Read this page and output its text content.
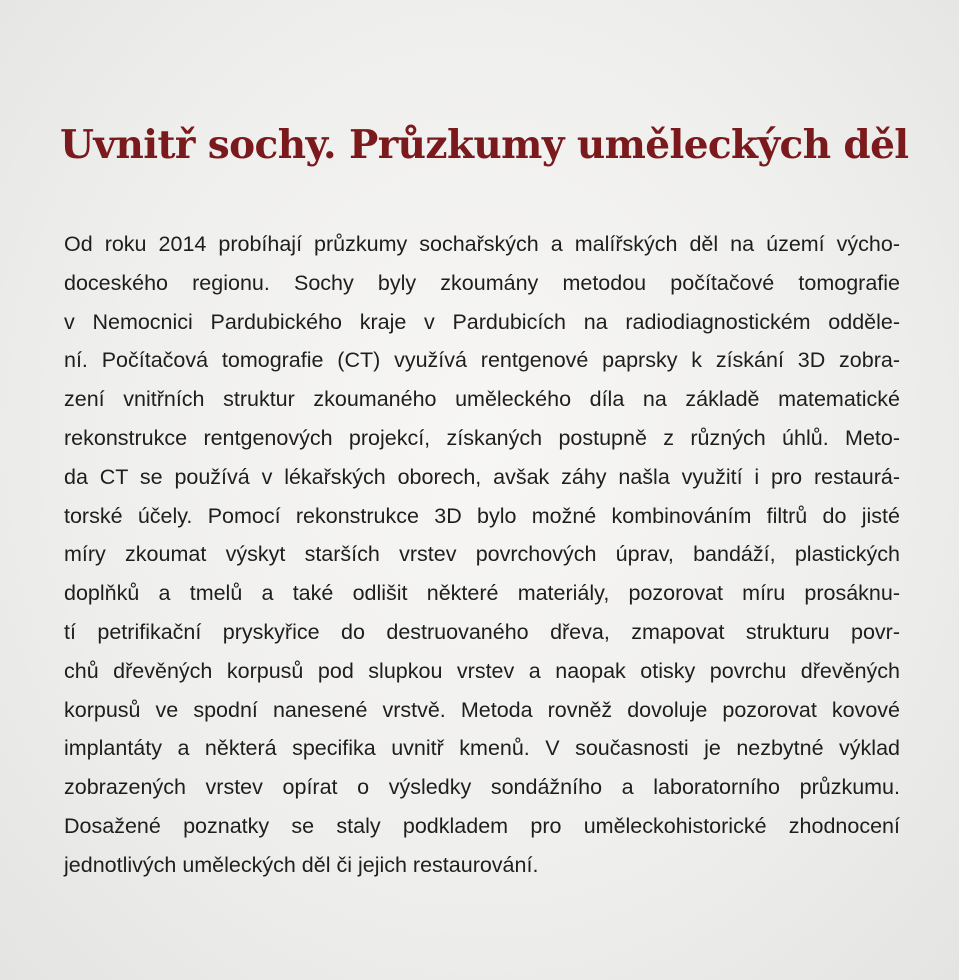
Uvnitř sochy. Průzkumy uměleckých děl
Od roku 2014 probíhají průzkumy sochařských a malířských děl na území výcho-
doceského regionu. Sochy byly zkoumány metodou počítačové tomografie
v Nemocnici Pardubického kraje v Pardubicích na radiodiagnostickém odděle-
ní. Počítačová tomografie (CT) využívá rentgenové paprsky k získání 3D zobra-
zení vnitřních struktur zkoumaného uměleckého díla na základě matematické
rekonstrukce rentgenových projekcí, získaných postupně z různých úhlů. Meto-
da CT se používá v lékařských oborech, avšak záhy našla využití i pro restaurá-
torské účely. Pomocí rekonstrukce 3D bylo možné kombinováním filtrů do jisté
míry zkoumat výskyt starších vrstev povrchových úprav, bandáží, plastických
doplňků a tmelů a také odlišit některé materiály, pozorovat míru prosáknu-
tí petrifikační pryskyřice do destruovaného dřeva, zmapovat strukturu povr-
chů dřevěných korpusů pod slupkou vrstev a naopak otisky povrchu dřevěných
korpusů ve spodní nanesené vrstvě. Metoda rovněž dovoluje pozorovat kovové
implantáty a některá specifika uvnitř kmenů. V současnosti je nezbytné výklad
zobrazených vrstev opírat o výsledky sondážního a laboratorního průzkumu.
Dosažené poznatky se staly podkladem pro uměleckohistorické zhodnocení
jednotlivých uměleckých děl či jejich restaurování.
